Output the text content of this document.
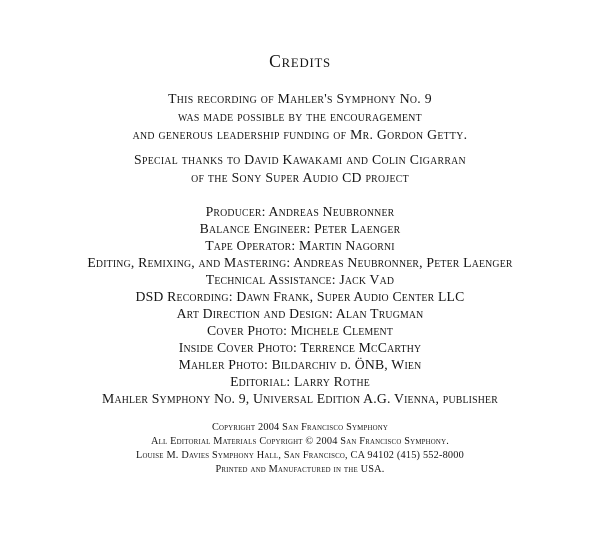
Credits
This recording of Mahler's Symphony No. 9
was made possible by the encouragement
and generous leadership funding of Mr. Gordon Getty.
Special thanks to David Kawakami and Colin Cigarran
of the Sony Super Audio CD project
Producer: Andreas Neubronner
Balance Engineer: Peter Laenger
Tape Operator: Martin Nagorni
Editing, Remixing, and Mastering: Andreas Neubronner, Peter Laenger
Technical Assistance: Jack Vad
DSD Recording: Dawn Frank, Super Audio Center LLC
Art Direction and Design: Alan Trugman
Cover Photo: Michele Clement
Inside Cover Photo: Terrence McCarthy
Mahler Photo: Bildarchiv d. ÖNB, Wien
Editorial: Larry Rothe
Mahler Symphony No. 9, Universal Edition A.G. Vienna, publisher
Copyright 2004 San Francisco Symphony
All Editorial Materials Copyright © 2004 San Francisco Symphony.
Louise M. Davies Symphony Hall, San Francisco, CA 94102 (415) 552-8000
Printed and Manufactured in the USA.
